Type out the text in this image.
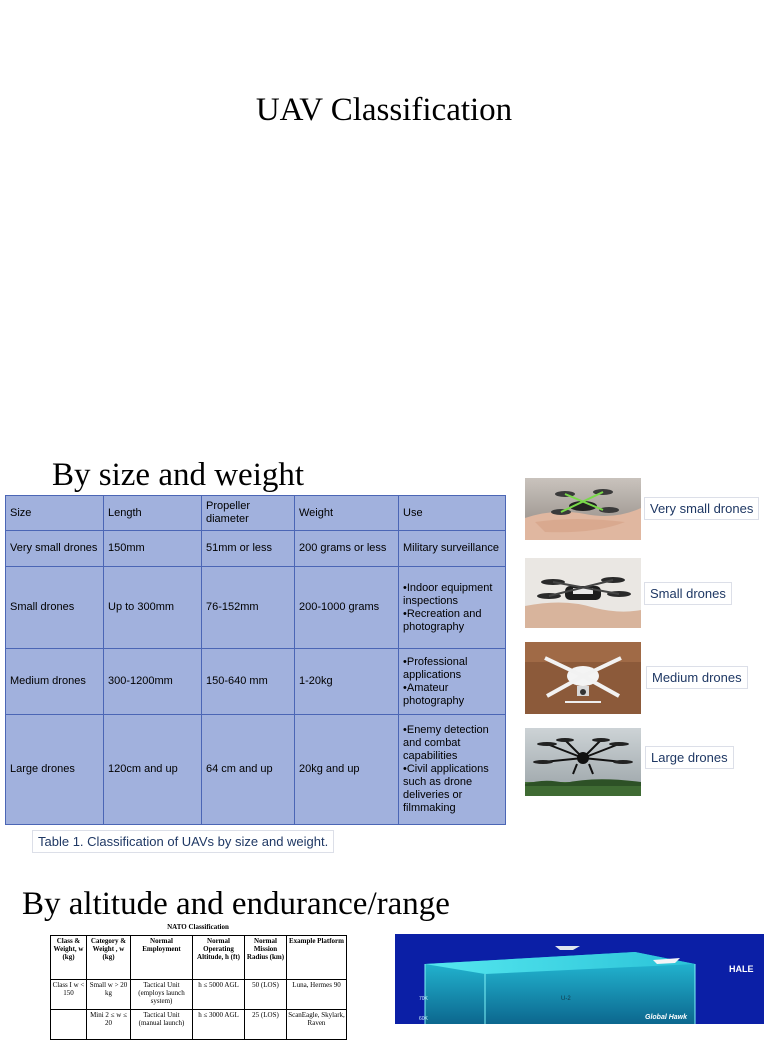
UAV Classification
By size and weight
Size	Length	Propeller diameter	Weight	Use
Very small drones	150mm	51mm or less	200 grams or less	Military surveillance

Small drones	Up to 300mm	76-152mm	200-1000 grams	•Indoor equipment inspections
•Recreation and photography

Medium drones	300-1200mm	150-640 mm	1-20kg	•Professional applications
•Amateur photography

Large drones	120cm and up	64 cm and up	20kg and up	•Enemy detection and combat capabilities
•Civil applications such as drone deliveries or filmmaking
Table 1. Classification of UAVs by size and weight.
Very small drones
Small drones
Medium drones
Large drones
By altitude and endurance/range
NATO Classification
Class & Weight, w (kg)	Category & Weight , w (kg)	Normal Employment	Normal Operating Altitude, h (ft)	Normal Mission Radius (km)	Example Platform
Class I w < 150	Small w > 20 kg	Tactical Unit (employs launch system)	h ≤ 5000 AGL	50 (LOS)	Luna, Hermes 90
	Mini 2 ≤ w ≤ 20	Tactical Unit (manual launch)	h ≤ 3000 AGL	25 (LOS)	ScanEagle, Skylark, Raven
HALE
U-2
Global Hawk
70K
60K
